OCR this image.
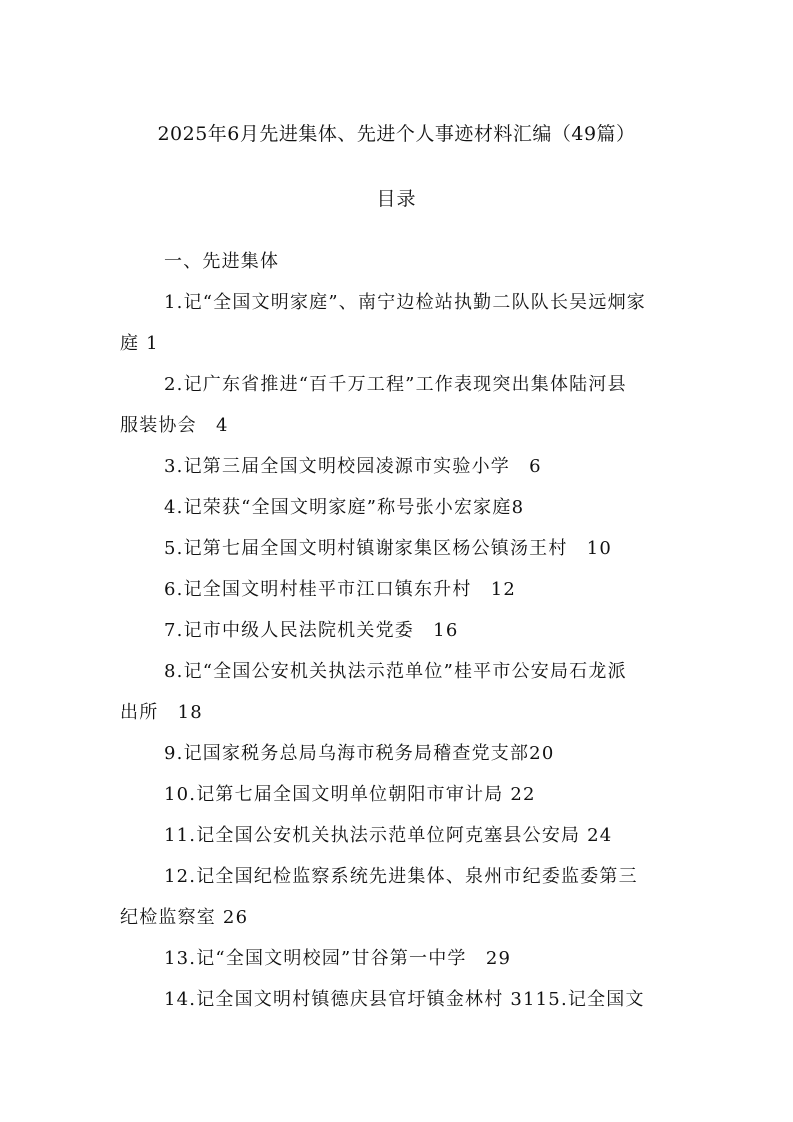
2025年6月先进集体、先进个人事迹材料汇编（49篇）
目录
一、先进集体
1.记“全国文明家庭”、南宁边检站执勤二队队长吴远炯家
庭 1
2.记广东省推进“百千万工程”工作表现突出集体陆河县
服装协会　4
3.记第三届全国文明校园凌源市实验小学　6
4.记荣获“全国文明家庭”称号张小宏家庭8
5.记第七届全国文明村镇谢家集区杨公镇汤王村　10
6.记全国文明村桂平市江口镇东升村　12
7.记市中级人民法院机关党委　16
8.记“全国公安机关执法示范单位”桂平市公安局石龙派
出所　18
9.记国家税务总局乌海市税务局稽查党支部20
10.记第七届全国文明单位朝阳市审计局 22
11.记全国公安机关执法示范单位阿克塞县公安局 24
12.记全国纪检监察系统先进集体、泉州市纪委监委第三
纪检监察室 26
13.记“全国文明校园”甘谷第一中学　29
14.记全国文明村镇德庆县官圩镇金林村 3115.记全国文
